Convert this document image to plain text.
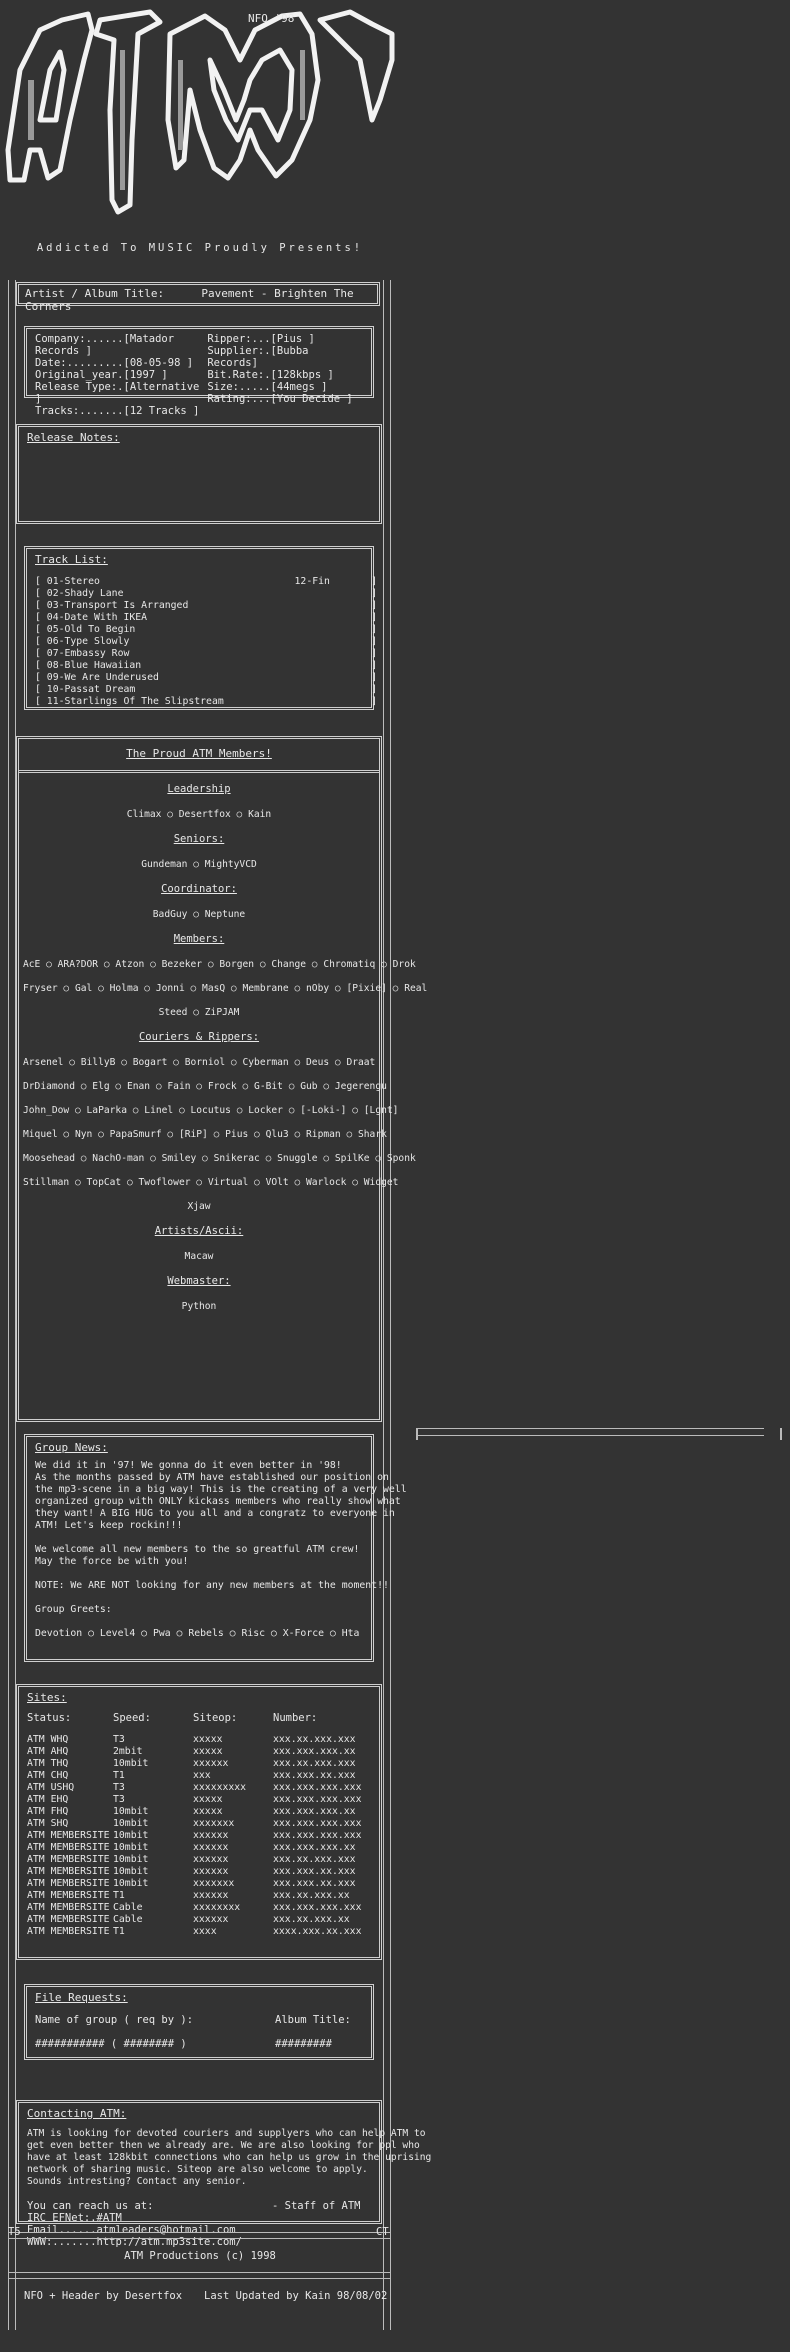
NFO '98
Addicted To MUSIC Proudly Presents!
Artist / Album Title:	Pavement - Brighten The Corners
Company:......[Matador Records ]
Date:.........[08-05-98 ]
Original_year.[1997 ]
Release Type:.[Alternative ]
Tracks:.......[12 Tracks ]
Ripper:...[Pius ]
Supplier:.[Bubba Records]
Bit.Rate:.[128kbps ]
Size:.....[44megs ]
Rating:...[You Decide ]
Release Notes:
Track List:
[ 01-Stereo                                 12-Fin       ]
[ 02-Shady Lane                                          ]
[ 03-Transport Is Arranged                               ]
[ 04-Date With IKEA                                      ]
[ 05-Old To Begin                                        ]
[ 06-Type Slowly                                         ]
[ 07-Embassy Row                                         ]
[ 08-Blue Hawaiian                                       ]
[ 09-We Are Underused                                    ]
[ 10-Passat Dream                                        ]
[ 11-Starlings Of The Slipstream                         ]
The Proud ATM Members!
Leadership
Climax ○ Desertfox ○ Kain
Seniors:
Gundeman ○ MightyVCD
Coordinator:
BadGuy ○ Neptune
Members:
AcE ○ ARA?DOR ○ Atzon ○ Bezeker ○ Borgen ○ Change ○ Chromatiq ○ Drok
Fryser ○ Gal ○ Holma ○ Jonni ○ MasQ ○ Membrane ○ nOby ○ [Pixie] ○ Real
Steed ○ ZiPJAM
Couriers & Rippers:
Arsenel ○ BillyB ○ Bogart ○ Borniol ○ Cyberman ○ Deus ○ Draat
DrDiamond ○ Elg ○ Enan ○ Fain ○ Frock ○ G-Bit ○ Gub ○ Jegerengu
John_Dow ○ LaParka ○ Linel ○ Locutus ○ Locker ○ [-Loki-] ○ [Lgnt]
Miquel ○ Nyn ○ PapaSmurf ○ [RiP] ○ Pius ○ Qlu3 ○ Ripman ○ Shark
Moosehead ○ NachO-man ○ Smiley ○ Snikerac ○ Snuggle ○ SpilKe ○ Sponk
Stillman ○ TopCat ○ Twoflower ○ Virtual ○ VOlt ○ Warlock ○ Widget
Xjaw
Artists/Ascii:
Macaw
Webmaster:
Python
Group News:
We did it in '97! We gonna do it even better in '98!
As the months passed by ATM have established our position on
the mp3-scene in a big way! This is the creating of a very well
organized group with ONLY kickass members who really show what
they want! A BIG HUG to you all and a congratz to everyone in
ATM! Let's keep rockin!!!
We welcome all new members to the so greatful ATM crew!
May the force be with you!
NOTE: We ARE NOT looking for any new members at the moment!!
Group Greets:
Devotion ○ Level4 ○ Pwa ○ Rebels ○ Risc ○ X-Force ○ Hta
Sites:
Status:	Speed:	Siteop:	Number:
ATM WHQ	T3	xxxxx	xxx.xx.xxx.xxx
ATM AHQ	2mbit	xxxxx	xxx.xxx.xxx.xx
ATM THQ	10mbit	xxxxxx	xxx.xx.xxx.xxx
ATM CHQ	T1	xxx	xxx.xxx.xx.xxx
ATM USHQ	T3	xxxxxxxxx	xxx.xxx.xxx.xxx
ATM EHQ	T3	xxxxx	xxx.xxx.xxx.xxx
ATM FHQ	10mbit	xxxxx	xxx.xxx.xxx.xx
ATM SHQ	10mbit	xxxxxxx	xxx.xxx.xxx.xxx
ATM MEMBERSITE 10mbit	xxxxxx	xxx.xxx.xxx.xxx
ATM MEMBERSITE 10mbit	xxxxxx	xxx.xxx.xxx.xx
ATM MEMBERSITE 10mbit	xxxxxx	xxx.xx.xxx.xxx
ATM MEMBERSITE 10mbit	xxxxxx	xxx.xxx.xx.xxx
ATM MEMBERSITE 10mbit	xxxxxxx	xxx.xxx.xx.xxx
ATM MEMBERSITE T1	xxxxxx	xxx.xx.xxx.xx
ATM MEMBERSITE Cable	xxxxxxxx	xxx.xxx.xxx.xxx
ATM MEMBERSITE Cable	xxxxxx	xxx.xx.xxx.xx
ATM MEMBERSITE T1	xxxx	xxxx.xxx.xx.xxx
File Requests:
Name of group ( req by ):	Album Title:
########### ( ######## )	#########
Contacting ATM:
ATM is looking for devoted couriers and supplyers who can help ATM to
get even better then we already are. We are also looking for ppl who
have at least 128kbit connections who can help us grow in the uprising
network of sharing music. Siteop are also welcome to apply.
Sounds intresting? Contact any senior.
You can reach us at:	- Staff of ATM
IRC EFNet:.#ATM
Email......atmleaders@hotmail.com
WWW:.......http://atm.mp3site.com/
T5	CT
ATM Productions (c) 1998
NFO + Header by Desertfox Last Updated by Kain 98/08/02
